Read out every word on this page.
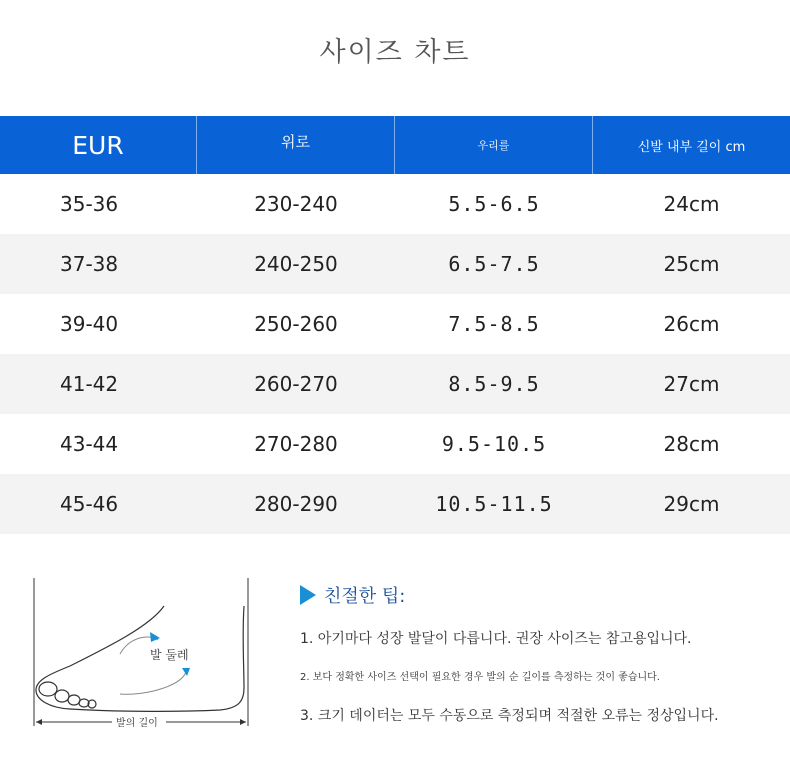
사이즈 차트
EUR	위로	우리를	신발 내부 길이 cm
35-36	230-240	5.5-6.5	24cm
37-38	240-250	6.5-7.5	25cm
39-40	250-260	7.5-8.5	26cm
41-42	260-270	8.5-9.5	27cm
43-44	270-280	9.5-10.5	28cm
45-46	280-290	10.5-11.5	29cm
발 둘레
발의 길이
친절한 팁:
1. 아기마다 성장 발달이 다릅니다. 권장 사이즈는 참고용입니다.
2. 보다 정확한 사이즈 선택이 필요한 경우 발의 순 길이를 측정하는 것이 좋습니다.
3. 크기 데이터는 모두 수동으로 측정되며 적절한 오류는 정상입니다.
